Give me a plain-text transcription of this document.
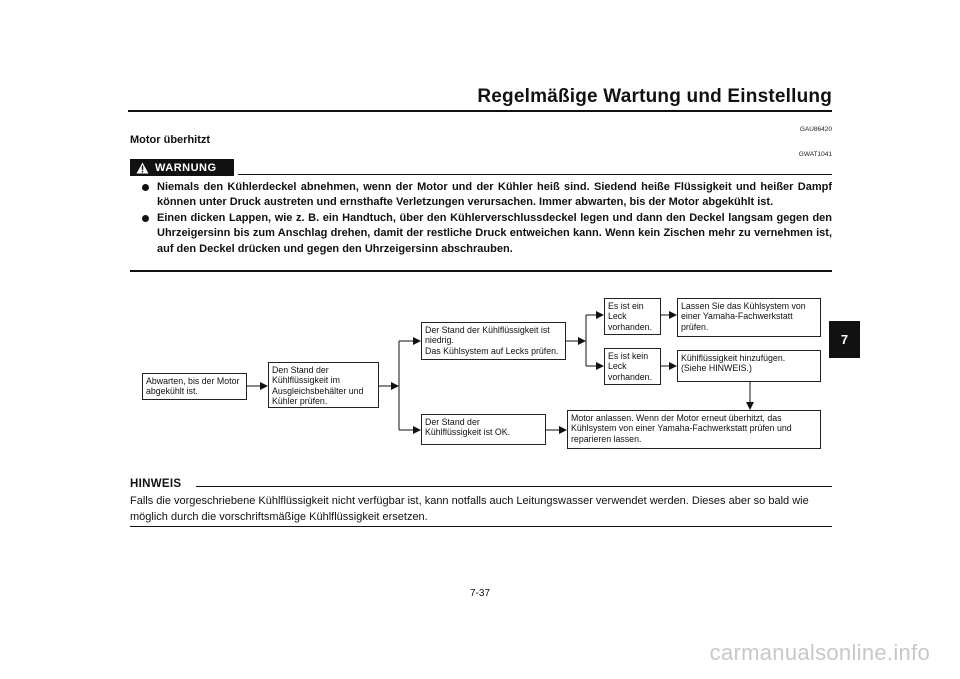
Regelmäßige Wartung und Einstellung
GAU86420
Motor überhitzt
GWAT1041
WARNUNG
Niemals den Kühlerdeckel abnehmen, wenn der Motor und der Kühler heiß sind. Siedend heiße Flüssigkeit und heißer Dampf können unter Druck austreten und ernsthafte Verletzungen verursachen. Immer abwarten, bis der Motor abgekühlt ist.
Einen dicken Lappen, wie z. B. ein Handtuch, über den Kühlerverschlussdeckel legen und dann den Deckel langsam gegen den Uhrzeigersinn bis zum Anschlag drehen, damit der restliche Druck entweichen kann. Wenn kein Zischen mehr zu vernehmen ist, auf den Deckel drücken und gegen den Uhrzeigersinn abschrauben.
Abwarten, bis der Motor
abgekühlt ist.
Den Stand der
Kühlflüssigkeit im
Ausgleichsbehälter und
Kühler prüfen.
Der Stand der Kühlflüssigkeit ist
niedrig.
Das Kühlsystem auf Lecks prüfen.
Der Stand der
Kühlflüssigkeit ist OK.
Es ist ein
Leck
vorhanden.
Es ist kein
Leck
vorhanden.
Lassen Sie das Kühlsystem von
einer Yamaha-Fachwerkstatt
prüfen.
Kühlflüssigkeit hinzufügen.
(Siehe HINWEIS.)
Motor anlassen. Wenn der Motor erneut überhitzt, das
Kühlsystem von einer Yamaha-Fachwerkstatt prüfen und
reparieren lassen.
HINWEIS
Falls die vorgeschriebene Kühlflüssigkeit nicht verfügbar ist, kann notfalls auch Leitungswasser verwendet werden. Dieses aber so bald wie möglich durch die vorschriftsmäßige Kühlflüssigkeit ersetzen.
7
7-37
carmanualsonline.info
